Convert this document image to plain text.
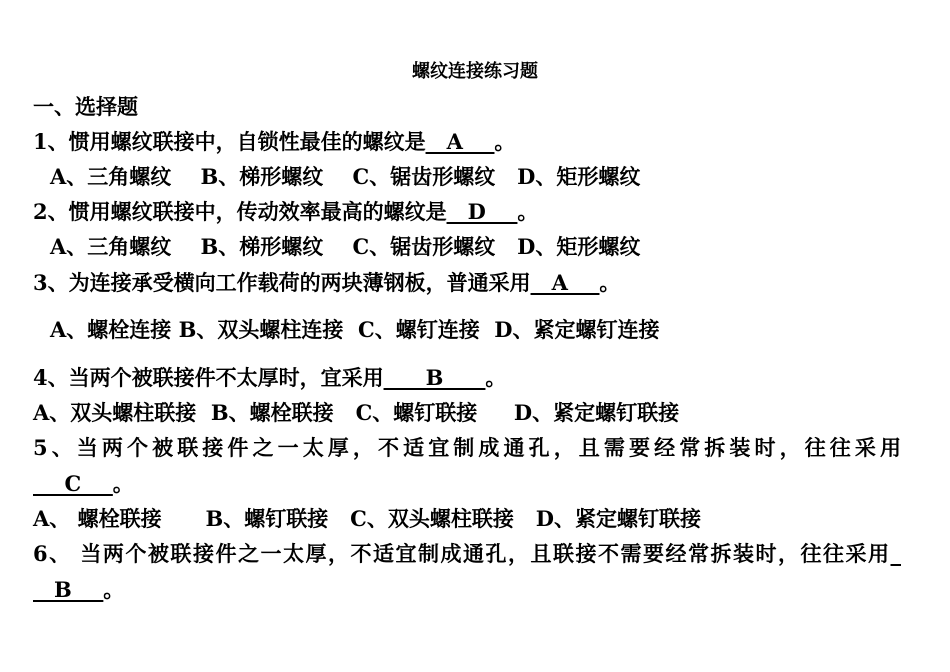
螺纹连接练习题
一、选择题
1、惯用螺纹联接中，自锁性最佳的螺纹是__A___。
A、三角螺纹    B、梯形螺纹    C、锯齿形螺纹   D、矩形螺纹
2、惯用螺纹联接中，传动效率最高的螺纹是__D___。
A、三角螺纹    B、梯形螺纹    C、锯齿形螺纹   D、矩形螺纹
3、为连接承受横向工作载荷的两块薄钢板，普通采用__A___。
A、螺栓连接 B、双头螺柱连接  C、螺钉连接  D、紧定螺钉连接
4、当两个被联接件不太厚时，宜采用____B____。
A、双头螺柱联接  B、螺栓联接   C、螺钉联接     D、紧定螺钉联接
5、当两个被联接件之一太厚，不适宜制成通孔，且需要经常拆装时，往往采用
___C___。
A、 螺栓联接      B、螺钉联接   C、双头螺柱联接   D、紧定螺钉联接
6、 当两个被联接件之一太厚，不适宜制成通孔，且联接不需要经常拆装时，往往采用_
__B___。
